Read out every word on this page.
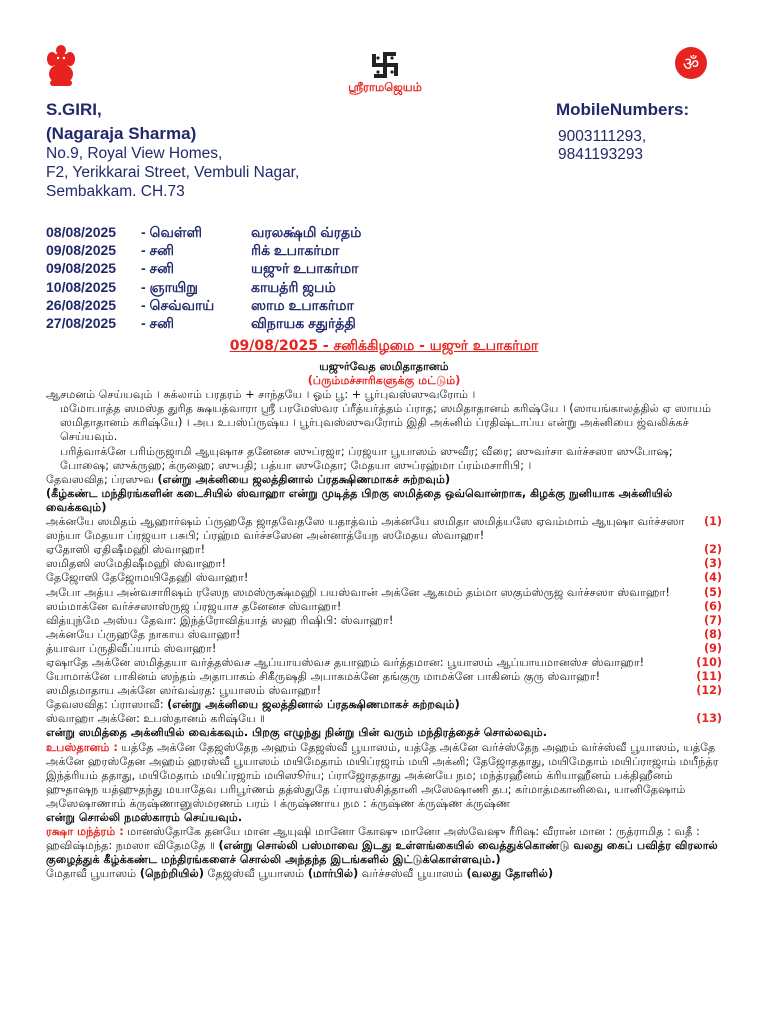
ஸ்ரீராமஜெயம்
ॐ
S.GIRI,	MobileNumbers:
(Nagaraja Sharma)	9003111293,
9841193293
No.9, Royal View Homes,
F2, Yerikkarai Street, Vembuli Nagar,
Sembakkam. CH.73
08/08/2025 - வெள்ளி	வரலக்ஷ்மி வ்ரதம்
09/08/2025 - சனி	ரிக் உபாகர்மா
09/08/2025 - சனி	யஜுர் உபாகர்மா
10/08/2025 - ஞாயிறு	காயத்ரி ஜபம்
26/08/2025 - செவ்வாய்	ஸாம உபாகர்மா
27/08/2025 - சனி	விநாயக சதுர்த்தி
09/08/2025 - சனிக்கிழமை - யஜுர் உபாகர்மா

யஜுர்வேத ஸமிதாதானம்

(ப்ரும்மச்சாரிகளுக்கு மட்டும்)

ஆசமனம் செய்யவும் । சுக்லாம் பரதரம் + சாந்தயே । ஓம் பூ: + பூர்புவஸ்ஸுவரோம் ।

மமோபாத்த ஸமஸ்த துரித க்ஷயத்வாரா ஸ்ரீ பரமேஸ்வர ப்ரீத்யர்த்தம் ப்ராத; ஸமிதாதானம் கரிஷ்யே । (ஸாயங்காலத்தில் ஏ ஸாயம் ஸமிதாதானம் கரிஷ்யே) । அப உபஸ்ப்ருஷ்ய । பூர்புவஸ்ஸுவரோம் இதி அக்னிம் ப்ரதிஷ்டாப்ய என்று அக்னியை ஜ்வலிக்கச் செய்யவும்.

பரித்வாக்னே பரிம்ருஜாமி ஆயுஷாச தனேனச ஸுப்ரஜா; ப்ரஜயா பூயாஸம் ஸுவீர; வீரை; ஸுவர்சா வர்ச்சஸா ஸுபோஷ; போஷை; ஸுக்ருஹ; க்ருஹை; ஸுபதி; பத்யா ஸுமேதா; மேதயா ஸுப்ரஹ்மா ப்ரம்மசாரிபி; ।

தேவஸவித; ப்ரஸுவ (என்று அக்னியை ஜலத்தினால் ப்ரதக்ஷிணமாகச் சுற்றவும்)

(கீழ்கண்ட மந்திரங்களின் கடைசியில் ஸ்வாஹா என்று முடித்த பிறகு ஸமித்தை ஒவ்வொன்றாக, கிழக்கு நுனியாக அக்னியில் வைக்கவும்)

(1)
அக்னயே ஸமிதம் ஆஹார்ஷம் ப்ருஹதே ஜாதவேதஸே யதாத்வம் அக்னயே ஸமிதா ஸமித்யஸே ஏவம்மாம் ஆயுஷா வர்ச்சஸா ஸந்யா மேதயா ப்ரஜயா பசுபி; ப்ரஹ்ம வர்ச்சஸேன அன்னாத்யேந ஸமேதய ஸ்வாஹா!

(2)
ஏதோஸி ஏதிஷீமஹி ஸ்வாஹா!

(3)
ஸமிதஸி ஸமேதிஷீமஹி ஸ்வாஹா!

(4)
தேஜோஸி தேஜோமயிதேஹி ஸ்வாஹா!

(5)
அபோ அத்ய அன்வசாரிஷம் ரஸேந ஸமஸ்ருக்ஷ்மஹி பயஸ்வான் அக்னே ஆகமம் தம்மா ஸகும்ஸ்ருஜ வர்ச்சஸா ஸ்வாஹா!

(6)
ஸம்மாக்னே வர்ச்சஸாஸ்ருஜ ப்ரஜயாச தனேனச ஸ்வாஹா!

(7)
வித்யுந்மே அஸ்ய தேவா: இந்த்ரோவித்யாத் ஸஹ ரிஷிபி: ஸ்வாஹா!

(8)
அக்னயே ப்ருஹதே நாகாய ஸ்வாஹா!

(9)
த்யாவா ப்ருதிவீப்யாம் ஸ்வாஹா!

(10)
ஏஷாதே அக்னே ஸமித்தயா வர்த்தஸ்வச ஆப்யாயஸ்வச தயாஹம் வர்த்தமான: பூயாஸம் ஆப்யாயமானஸ்ச ஸ்வாஹா!

(11)
யோமாக்னே பாகினம் ஸந்தம் அதாபாகம் சிகீருஷதி அபாகமக்னே தங்குரு மாமக்னே பாகினம் குரு ஸ்வாஹா!

(12)
ஸமிதமாதாய அக்னே ஸர்வவ்ரத: பூயாஸம் ஸ்வாஹா!

தேவஸவித: ப்ராஸாவீ: (என்று அக்னியை ஜலத்தினால் ப்ரதக்ஷிணமாகச் சுற்றவும்)

(13)
ஸ்வாஹா அக்னே: உபஸ்தானம் கரிஷ்யே ॥

என்று ஸமித்தை அக்னியில் வைக்கவும். பிறகு எழுந்து நின்று பின் வரும் மந்திரத்தைச் சொல்லவும்.

உபஸ்தானம் : யத்தே அக்னே தேஜஸ்தேந அஹம் தேஜஸ்வீ பூயாஸம், யத்தே அக்னே வர்ச்ஸ்தேந அஹம் வர்ச்ஸ்வீ பூயாஸம், யத்தே அக்னே ஹரஸ்தேன அஹம் ஹரஸ்வீ பூயாஸம் மயிமேதாம் மயிப்ரஜாம் மயி அக்னி; தேஜோததாது, மயிமேதாம் மயிப்ராஜாம் மயீந்த்ர இந்த்ரியம் ததாது, மயிமேதாம் மயிப்ரஜாம் மயிஸூர்ய; ப்ராஜோததாது அக்னயே நம; மந்த்ரஹீனம் க்ரியாஹீனம் பக்திஹீனம் ஹுதாஷந யத்ஹுதந்து மயாதேவ பரிபூர்ணம் தத்ஸ்துதே ப்ராயஸ்சித்தானி அஸேஷாணி தப; கர்மாத்மகானிவை, யானிதேஷாம் அஸேஷாணாம் க்ருஷ்ணானுஸ்மரணம் பரம் । க்ருஷ்ணாய நம : க்ருஷ்ண க்ருஷ்ண க்ருஷ்ண

என்று சொல்லி நமஸ்காரம் செய்யவும்.

ரக்ஷா மந்த்ரம் : மானஸ்தோகே தனயே மான ஆயுஷி மானோ கோஷு மானோ அஸ்வேஷு ரீரிஷ: வீரான் மான : ருத்ராமித : வதீ : ஹவிஷ்மந்த: நமஸா விதேமதே ॥ (என்று சொல்லி பஸ்மாவை இடது உள்ளங்கையில் வைத்துக்கொண்டு வலது கைப் பவித்ர விரலால் குழைத்துக் கீழ்க்கண்ட மந்திரங்களைச் சொல்லி அந்தந்த இடங்களில் இட்டுக்கொள்ளவும்.)

மேதாவீ பூயாஸம் (நெற்றியில்) தேஜஸ்வீ பூயாஸம் (மார்பில்) வர்ச்சஸ்வீ பூயாஸம் (வலது தோளில்)
